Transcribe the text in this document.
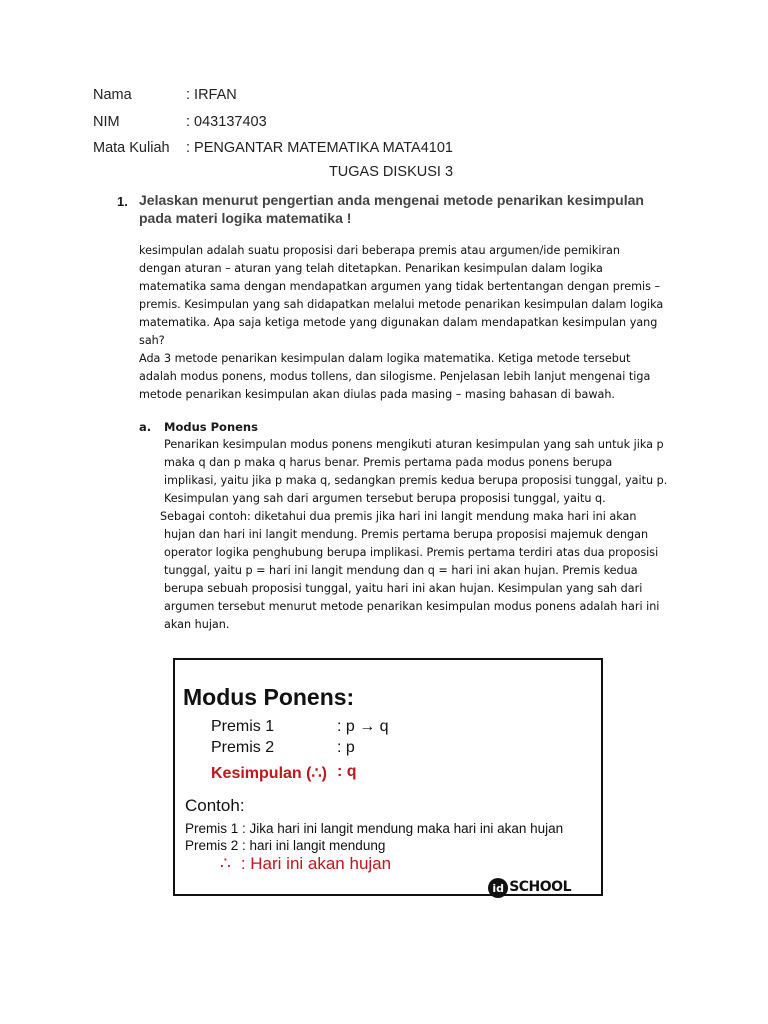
Nama	: IRFAN
NIM	: 043137403
Mata Kuliah : PENGANTAR MATEMATIKA MATA4101
TUGAS DISKUSI 3
1. Jelaskan menurut pengertian anda mengenai metode penarikan kesimpulan pada materi logika matematika !
kesimpulan adalah suatu proposisi dari beberapa premis atau argumen/ide pemikiran
dengan aturan – aturan yang telah ditetapkan. Penarikan kesimpulan dalam logika
matematika sama dengan mendapatkan argumen yang tidak bertentangan dengan premis –
premis. Kesimpulan yang sah didapatkan melalui metode penarikan kesimpulan dalam logika
matematika. Apa saja ketiga metode yang digunakan dalam mendapatkan kesimpulan yang
sah?
Ada 3 metode penarikan kesimpulan dalam logika matematika. Ketiga metode tersebut
adalah modus ponens, modus tollens, dan silogisme. Penjelasan lebih lanjut mengenai tiga
metode penarikan kesimpulan akan diulas pada masing – masing bahasan di bawah.
a. Modus Ponens
Penarikan kesimpulan modus ponens mengikuti aturan kesimpulan yang sah untuk jika p
maka q dan p maka q harus benar. Premis pertama pada modus ponens berupa
implikasi, yaitu jika p maka q, sedangkan premis kedua berupa proposisi tunggal, yaitu p.
Kesimpulan yang sah dari argumen tersebut berupa proposisi tunggal, yaitu q.
Sebagai contoh: diketahui dua premis jika hari ini langit mendung maka hari ini akan
hujan dan hari ini langit mendung. Premis pertama berupa proposisi majemuk dengan
operator logika penghubung berupa implikasi. Premis pertama terdiri atas dua proposisi
tunggal, yaitu p = hari ini langit mendung dan q = hari ini akan hujan. Premis kedua
berupa sebuah proposisi tunggal, yaitu hari ini akan hujan. Kesimpulan yang sah dari
argumen tersebut menurut metode penarikan kesimpulan modus ponens adalah hari ini
akan hujan.
Modus Ponens:
Premis 1	: p → q
Premis 2	: p
Kesimpulan (∴) : q
Contoh:
Premis 1 : Jika hari ini langit mendung maka hari ini akan hujan
Premis 2 : hari ini langit mendung
∴ : Hari ini akan hujan
id SCHOOL
